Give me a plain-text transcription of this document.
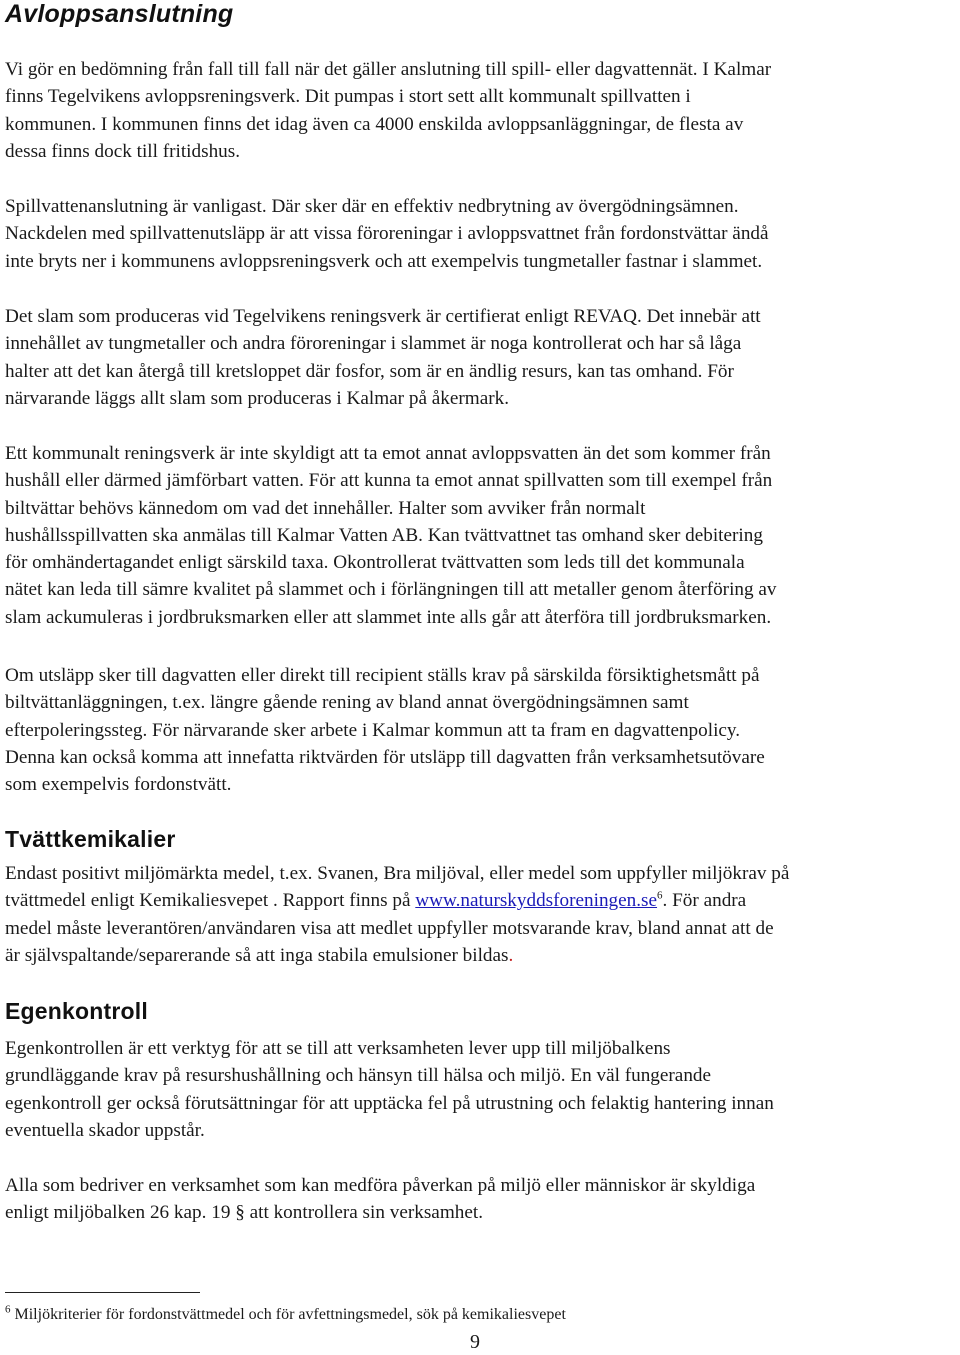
Avloppsanslutning

Vi gör en bedömning från fall till fall när det gäller anslutning till spill- eller dagvattennät. I Kalmar
finns Tegelvikens avloppsreningsverk. Dit pumpas i stort sett allt kommunalt spillvatten i
kommunen. I kommunen finns det idag även ca 4000 enskilda avloppsanläggningar, de flesta av
dessa finns dock till fritidshus.

Spillvattenanslutning är vanligast. Där sker där en effektiv nedbrytning av övergödningsämnen.
Nackdelen med spillvattenutsläpp är att vissa föroreningar i avloppsvattnet från fordonstvättar ändå
inte bryts ner i kommunens avloppsreningsverk och att exempelvis tungmetaller fastnar i slammet.

Det slam som produceras vid Tegelvikens reningsverk är certifierat enligt REVAQ. Det innebär att
innehållet av tungmetaller och andra föroreningar i slammet är noga kontrollerat och har så låga
halter att det kan återgå till kretsloppet där fosfor, som är en ändlig resurs, kan tas omhand. För
närvarande läggs allt slam som produceras i Kalmar på åkermark.

Ett kommunalt reningsverk är inte skyldigt att ta emot annat avloppsvatten än det som kommer från
hushåll eller därmed jämförbart vatten. För att kunna ta emot annat spillvatten som till exempel från
biltvättar behövs kännedom om vad det innehåller. Halter som avviker från normalt
hushållsspillvatten ska anmälas till Kalmar Vatten AB. Kan tvättvattnet tas omhand sker debitering
för omhändertagandet enligt särskild taxa. Okontrollerat tvättvatten som leds till det kommunala
nätet kan leda till sämre kvalitet på slammet och i förlängningen till att metaller genom återföring av
slam ackumuleras i jordbruksmarken eller att slammet inte alls går att återföra till jordbruksmarken.

Om utsläpp sker till dagvatten eller direkt till recipient ställs krav på särskilda försiktighetsmått på
biltvättanläggningen, t.ex. längre gående rening av bland annat övergödningsämnen samt
efterpoleringssteg. För närvarande sker arbete i Kalmar kommun att ta fram en dagvattenpolicy.
Denna kan också komma att innefatta riktvärden för utsläpp till dagvatten från verksamhetsutövare
som exempelvis fordonstvätt.

Tvättkemikalier

Endast positivt miljömärkta medel, t.ex. Svanen, Bra miljöval, eller medel som uppfyller miljökrav på
tvättmedel enligt Kemikaliesvepet . Rapport finns på $www.naturskyddsforeningen.se^6$. För andra
medel måste leverantören/användaren visa att medlet uppfyller motsvarande krav, bland annat att de
är självspaltande/separerande så att inga stabila emulsioner bildas.

Egenkontroll

Egenkontrollen är ett verktyg för att se till att verksamheten lever upp till miljöbalkens
grundläggande krav på resurshushållning och hänsyn till hälsa och miljö. En väl fungerande
egenkontroll ger också förutsättningar för att upptäcka fel på utrustning och felaktig hantering innan
eventuella skador uppstår.

Alla som bedriver en verksamhet som kan medföra påverkan på miljö eller människor är skyldiga
enligt miljöbalken 26 kap. 19 § att kontrollera sin verksamhet.

$^6$ Miljökriterier för fordonstvättmedel och för avfettningsmedel, sök på kemikaliesvepet
9
